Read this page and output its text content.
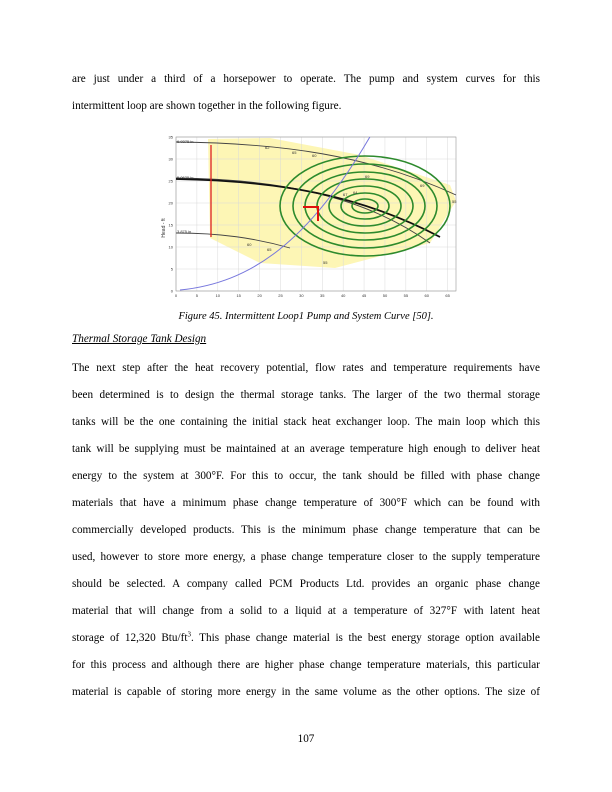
are just under a third of a horsepower to operate. The pump and system curves for this
intermittent loop are shown together in the following figure.

6.9375 in
5.0625 in
3.875 in
62
65
60
69
69
55
67 64
60
65
55
0
5
10
15
20
25
30
35
0	5	10	15	20	25	30	35	40	45	50	55	60	65
Head - ft
Figure 45. Intermittent Loop1 Pump and System Curve [50].
Thermal Storage Tank Design

The next step after the heat recovery potential, flow rates and temperature requirements have
been determined is to design the thermal storage tanks. The larger of the two thermal storage
tanks will be the one containing the initial stack heat exchanger loop. The main loop which this
tank will be supplying must be maintained at an average temperature high enough to deliver heat
energy to the system at 300°F. For this to occur, the tank should be filled with phase change
materials that have a minimum phase change temperature of 300°F which can be found with
commercially developed products. This is the minimum phase change temperature that can be
used, however to store more energy, a phase change temperature closer to the supply temperature
should be selected. A company called PCM Products Ltd. provides an organic phase change
material that will change from a solid to a liquid at a temperature of 327°F with latent heat
storage of 12,320 Btu/$ft^3$. This phase change material is the best energy storage option available
for this process and although there are higher phase change temperature materials, this particular
material is capable of storing more energy in the same volume as the other options. The size of

107
